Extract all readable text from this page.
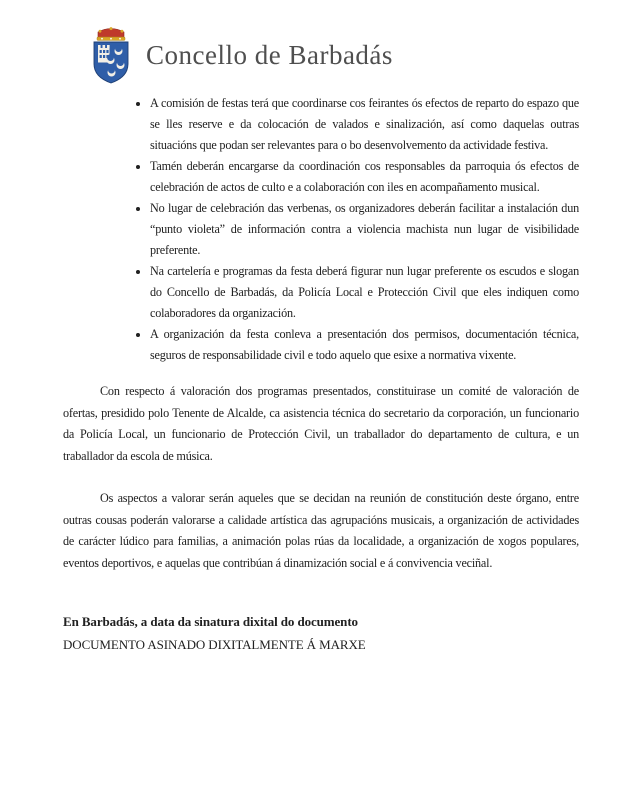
Concello de Barbadás
• A comisión de festas terá que coordinarse cos feirantes ós efectos de reparto do espazo que se lles reserve e da colocación de valados e sinalización, así como daquelas outras situacións que podan ser relevantes para o bo desenvolvemento da actividade festiva.
• Tamén deberán encargarse da coordinación cos responsables da parroquia ós efectos de celebración de actos de culto e a colaboración con iles en acompañamento musical.
• No lugar de celebración das verbenas, os organizadores deberán facilitar a instalación dun “punto violeta” de información contra a violencia machista nun lugar de visibilidade preferente.
• Na cartelería e programas da festa deberá figurar nun lugar preferente os escudos e slogan do Concello de Barbadás, da Policía Local e Protección Civil que eles indiquen como colaboradores da organización.
• A organización da festa conleva a presentación dos permisos, documentación técnica, seguros de responsabilidade civil e todo aquelo que esixe a normativa vixente.

Con respecto á valoración dos programas presentados, constituirase un comité de valoración de ofertas, presidido polo Tenente de Alcalde, ca asistencia técnica do secretario da corporación, un funcionario da Policía Local, un funcionario de Protección Civil, un traballador do departamento de cultura, e un traballador da escola de música.

Os aspectos a valorar serán aqueles que se decidan na reunión de constitución deste órgano, entre outras cousas poderán valorarse a calidade artística das agrupacións musicais, a organización de actividades de carácter lúdico para familias, a animación polas rúas da localidade, a organización de xogos populares, eventos deportivos, e aquelas que contribúan á dinamización social e á convivencia veciñal.

En Barbadás, a data da sinatura dixital do documento

DOCUMENTO ASINADO DIXITALMENTE Á MARXE
